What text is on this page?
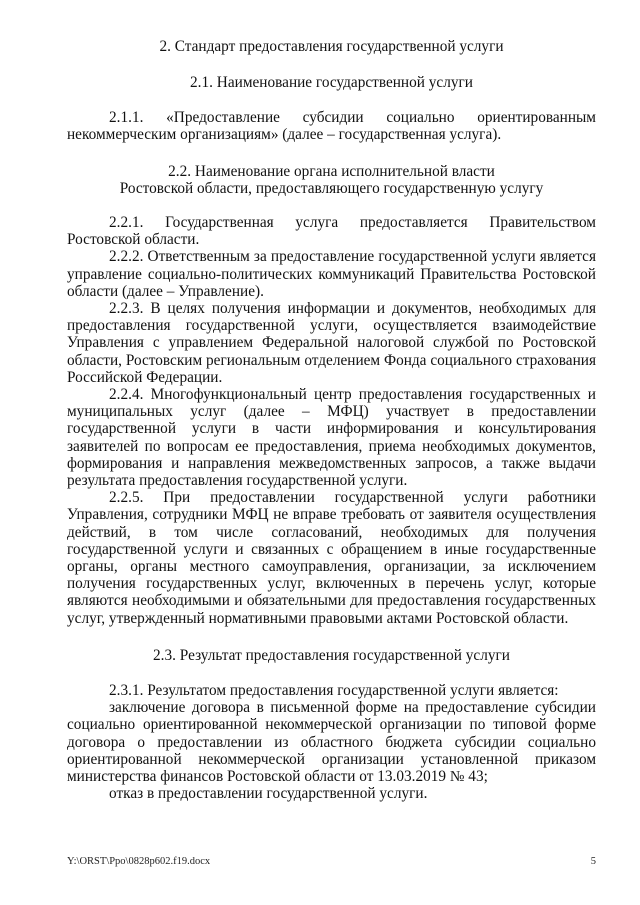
2. Стандарт предоставления государственной услуги
2.1. Наименование государственной услуги

2.1.1. «Предоставление субсидии социально ориентированным некоммерческим организациям» (далее – государственная услуга).

2.2. Наименование органа исполнительной власти
Ростовской области, предоставляющего государственную услугу

2.2.1. Государственная услуга предоставляется Правительством Ростовской области.

2.2.2. Ответственным за предоставление государственной услуги является управление социально-политических коммуникаций Правительства Ростовской области (далее – Управление).

2.2.3. В целях получения информации и документов, необходимых для предоставления государственной услуги, осуществляется взаимодействие Управления с управлением Федеральной налоговой службой по Ростовской области, Ростовским региональным отделением Фонда социального страхования Российской Федерации.

2.2.4. Многофункциональный центр предоставления государственных и муниципальных услуг (далее – МФЦ) участвует в предоставлении государственной услуги в части информирования и консультирования заявителей по вопросам ее предоставления, приема необходимых документов, формирования и направления межведомственных запросов, а также выдачи результата предоставления государственной услуги.

2.2.5. При предоставлении государственной услуги работники Управления, сотрудники МФЦ не вправе требовать от заявителя осуществления действий, в том числе согласований, необходимых для получения государственной услуги и связанных с обращением в иные государственные органы, органы местного самоуправления, организации, за исключением получения государственных услуг, включенных в перечень услуг, которые являются необходимыми и обязательными для предоставления государственных услуг, утвержденный нормативными правовыми актами Ростовской области.

2.3. Результат предоставления государственной услуги

2.3.1. Результатом предоставления государственной услуги является:

заключение договора в письменной форме на предоставление субсидии социально ориентированной некоммерческой организации по типовой форме договора о предоставлении из областного бюджета субсидии социально ориентированной некоммерческой организации установленной приказом министерства финансов Ростовской области от 13.03.2019 № 43;

отказ в предоставлении государственной услуги.

Y:\ORST\Ppo\0828p602.f19.docx	5
